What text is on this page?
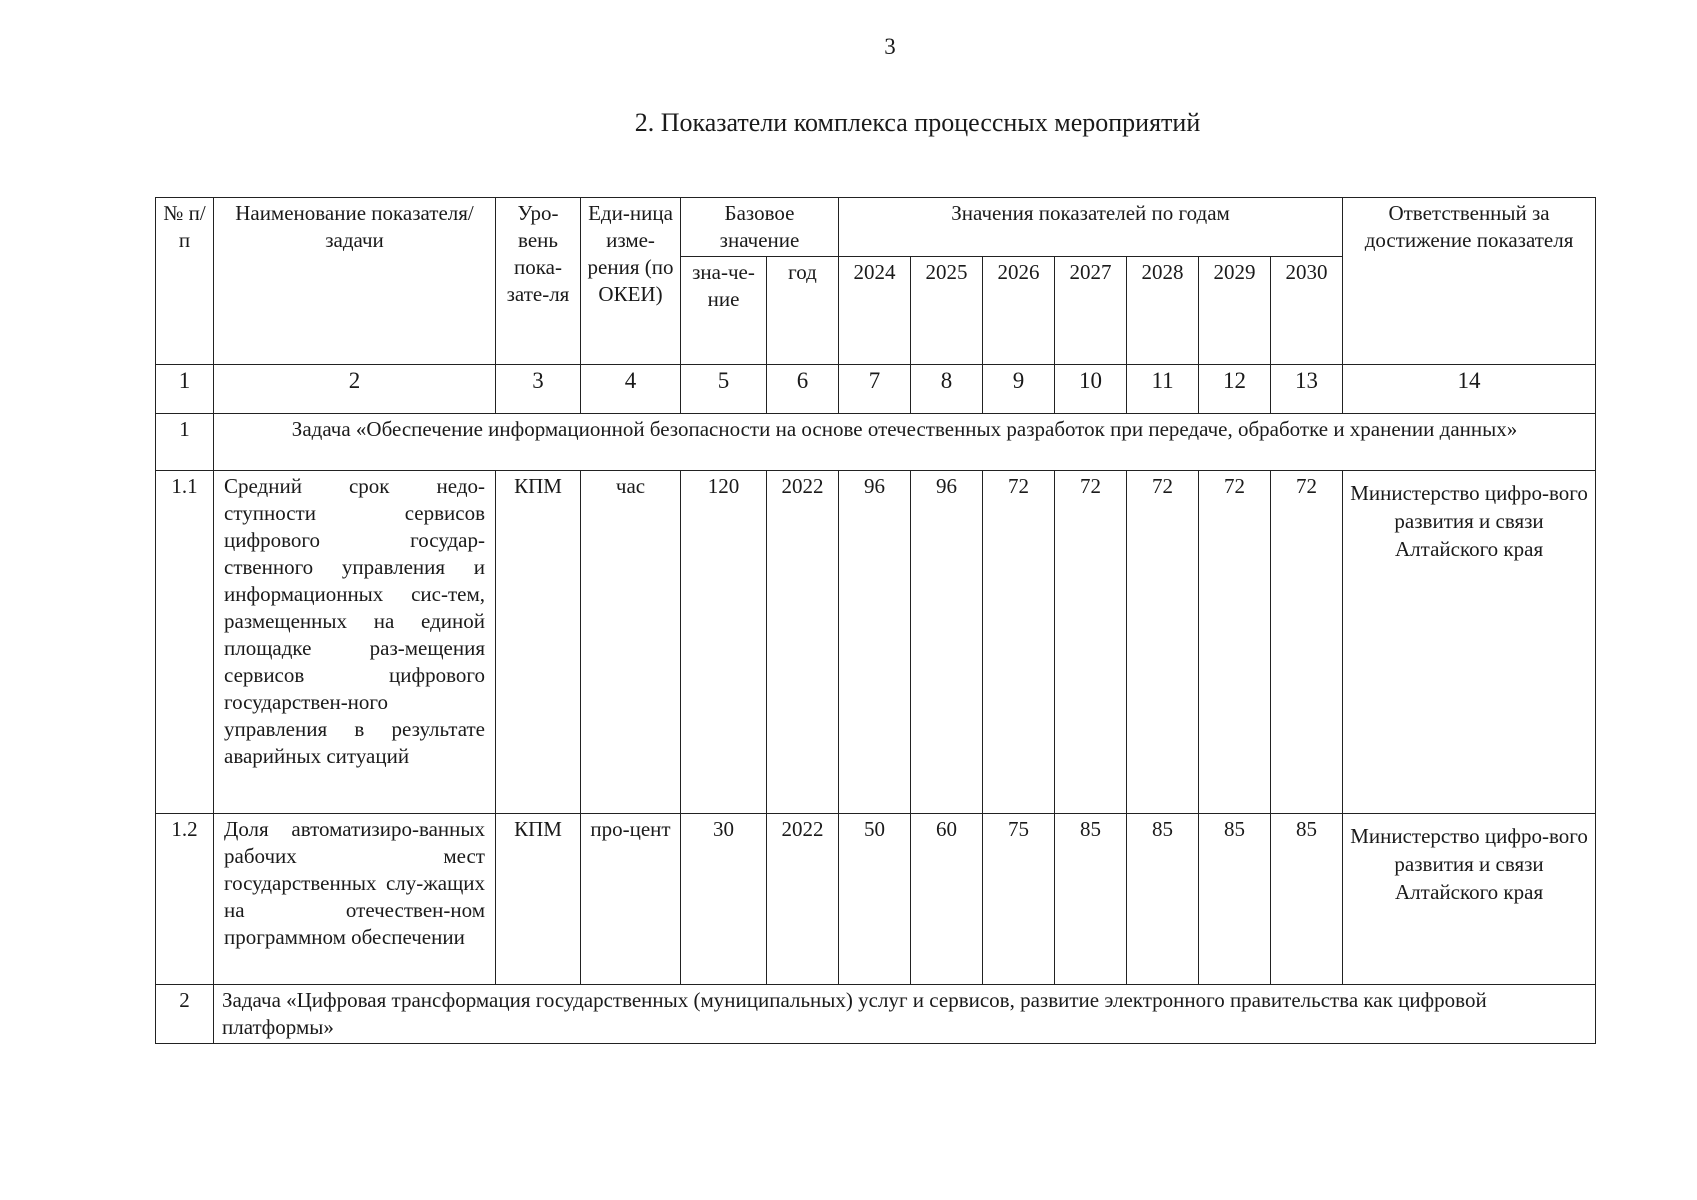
3
2. Показатели комплекса процессных мероприятий
№ п/п	Наименование показателя/задачи	Уро-вень пока-зате-ля	Еди-ница изме-рения (по ОКЕИ)	Базовое значение		Значения показателей по годам							Ответственный за достижение показателя
				зна-че-ние	год	2024	2025	2026	2027	2028	2029	2030	
1	2	3	4	5	6	7	8	9	10	11	12	13	14
1	Задача «Обеспечение информационной безопасности на основе отечественных разработок при передаче, обработке и хранении данных»												
1.1	Средний срок недо-ступности сервисов цифрового государ-ственного управления и информационных сис-тем, размещенных на единой площадке раз-мещения сервисов цифрового государствен-ного управления в результате аварийных ситуаций	КПМ	час	120	2022	96	96	72	72	72	72	72	Министерство цифро-вого развития и связи Алтайского края
1.2	Доля автоматизиро-ванных рабочих мест государственных слу-жащих на отечествен-ном программном обеспечении	КПМ	про-цент	30	2022	50	60	75	85	85	85	85	Министерство цифро-вого развития и связи Алтайского края
2	Задача «Цифровая трансформация государственных (муниципальных) услуг и сервисов, развитие электронного правительства как цифровой платформы»												
